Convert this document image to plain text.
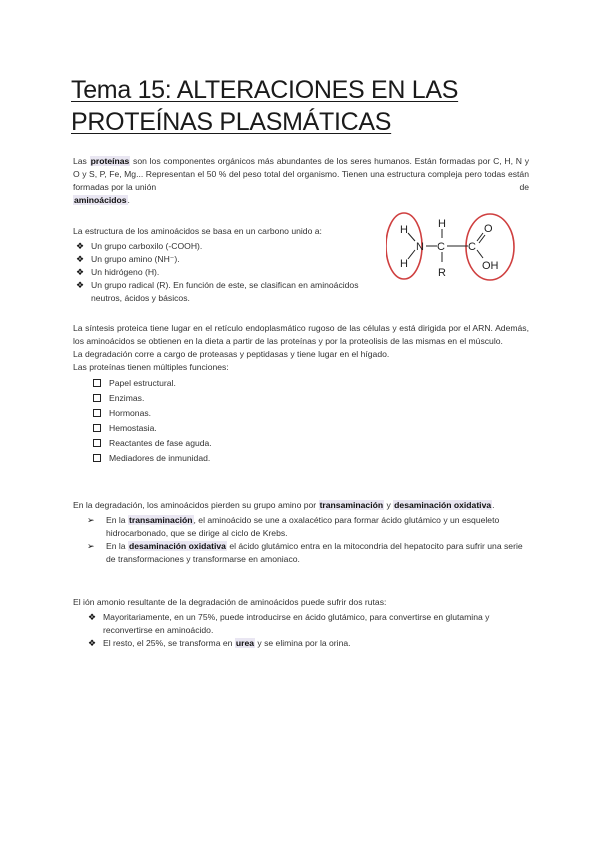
Tema 15: ALTERACIONES EN LAS
PROTEÍNAS PLASMÁTICAS
Las proteínas son los componentes orgánicos más abundantes de los seres humanos. Están formadas por C, H, N y O y S, P, Fe, Mg... Representan el 50 % del peso total del organismo. Tienen una estructura compleja pero todas están formadas por la unión	de

aminoácidos.
La estructura de los aminoácidos se basa en un carbono unido a:
❖ Un grupo carboxilo (-COOH).
❖ Un grupo amino (NH⁻).
❖ Un hidrógeno (H).
❖ Un grupo radical (R). En función de este, se clasifican en aminoácidos neutros, ácidos y básicos.
H
H
N C
H
R
C
O
OH
La síntesis proteica tiene lugar en el retículo endoplasmático rugoso de las células y está dirigida por el ARN. Además, los aminoácidos se obtienen en la dieta a partir de las proteínas y por la proteolisis de las mismas en el músculo.
La degradación corre a cargo de proteasas y peptidasas y tiene lugar en el hígado.
Las proteínas tienen múltiples funciones:
Papel estructural.
Enzimas.
Hormonas.
Hemostasia.
Reactantes de fase aguda.
Mediadores de inmunidad.
En la degradación, los aminoácidos pierden su grupo amino por transaminación y desaminación oxidativa.
➢ En la transaminación, el aminoácido se une a oxalacético para formar ácido glutámico y un esqueleto hidrocarbonado, que se dirige al ciclo de Krebs.
➢ En la desaminación oxidativa el ácido glutámico entra en la mitocondria del hepatocito para sufrir una serie de transformaciones y transformarse en amoniaco.
El ión amonio resultante de la degradación de aminoácidos puede sufrir dos rutas:
❖ Mayoritariamente, en un 75%, puede introducirse en ácido glutámico, para convertirse en glutamina y reconvertirse en aminoácido.
❖ El resto, el 25%, se transforma en urea y se elimina por la orina.
